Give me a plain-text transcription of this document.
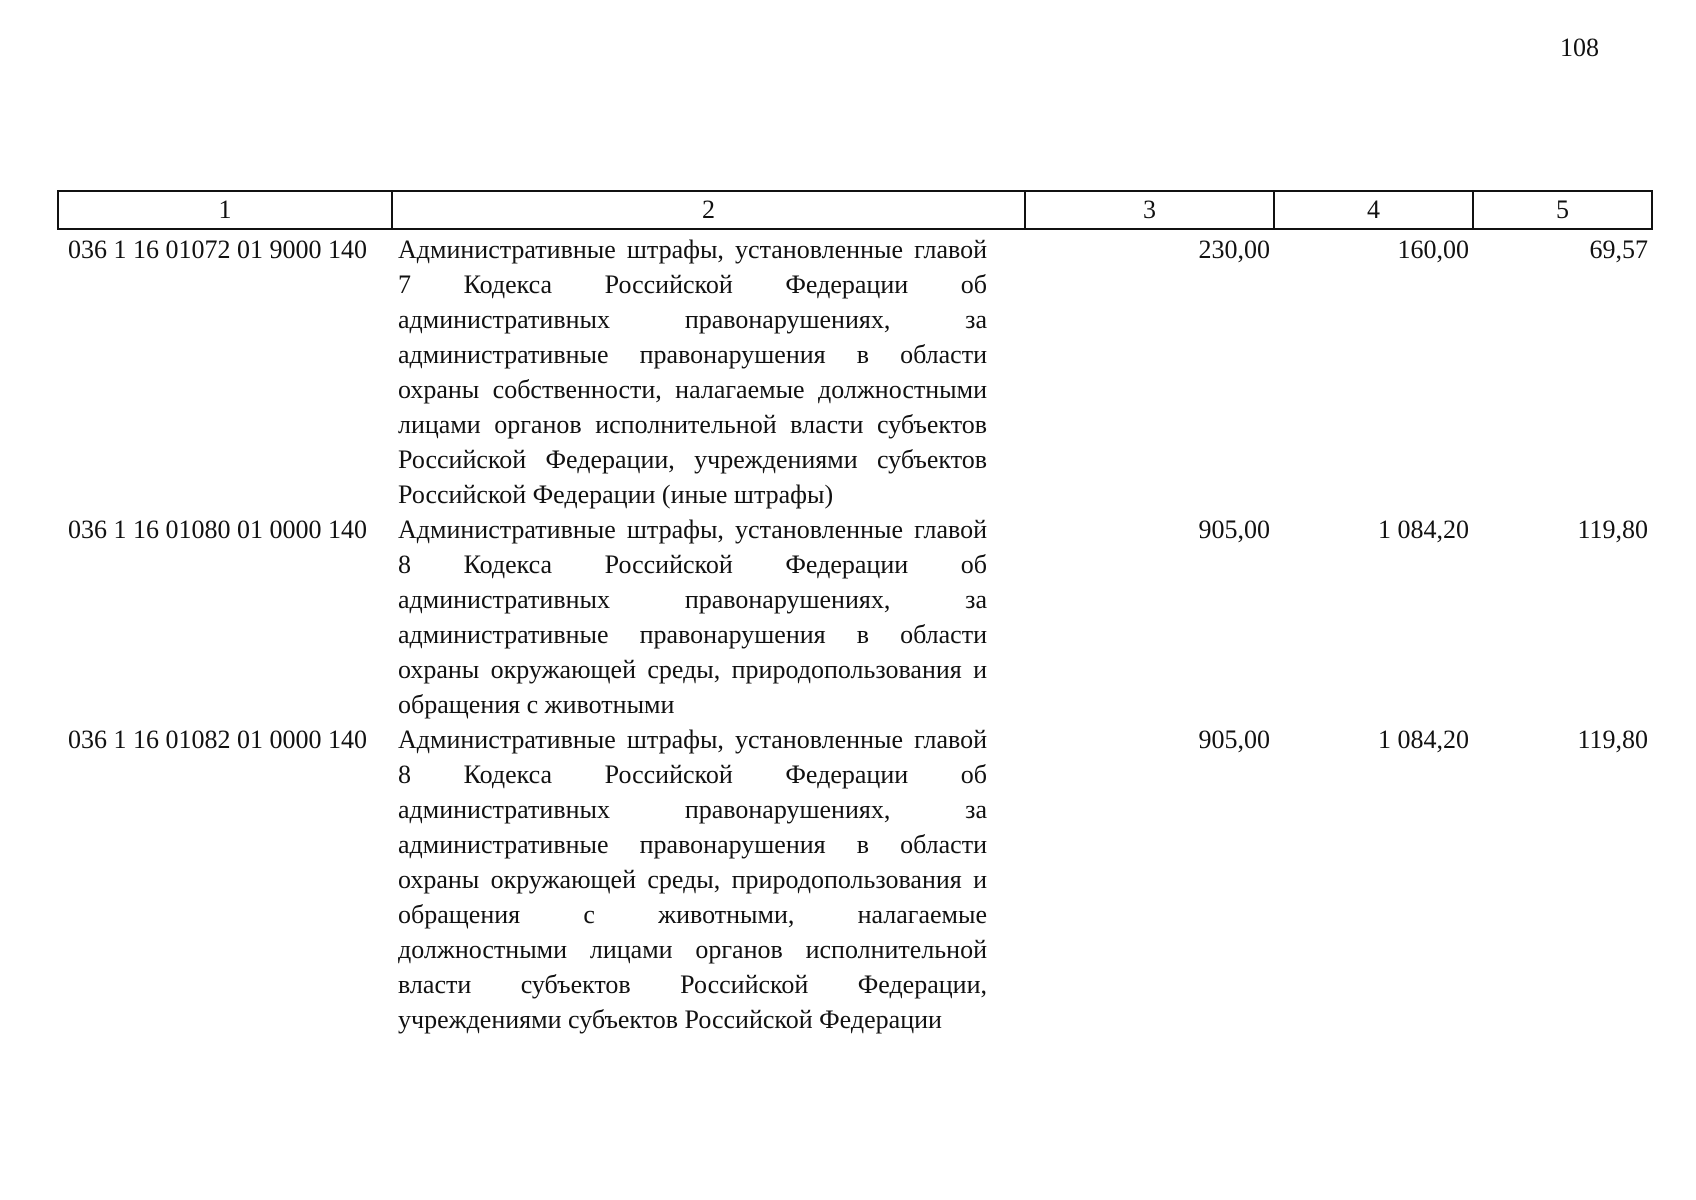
108
1	2	3	4	5
036 1 16 01072 01 9000 140	Административные штрафы, установленные главой 7 Кодекса Российской Федерации об административных правонарушениях, за административные правонарушения в области охраны собственности, налагаемые должностными лицами органов исполнительной власти субъектов Российской Федерации, учреждениями субъектов Российской Федерации (иные штрафы)	230,00	160,00	69,57
036 1 16 01080 01 0000 140	Административные штрафы, установленные главой 8 Кодекса Российской Федерации об административных правонарушениях, за административные правонарушения в области охраны окружающей среды, природопользования и обращения с животными	905,00	1 084,20	119,80
036 1 16 01082 01 0000 140	Административные штрафы, установленные главой 8 Кодекса Российской Федерации об административных правонарушениях, за административные правонарушения в области охраны окружающей среды, природопользования и обращения с животными, налагаемые должностными лицами органов исполнительной власти субъектов Российской Федерации, учреждениями субъектов Российской Федерации	905,00	1 084,20	119,80
